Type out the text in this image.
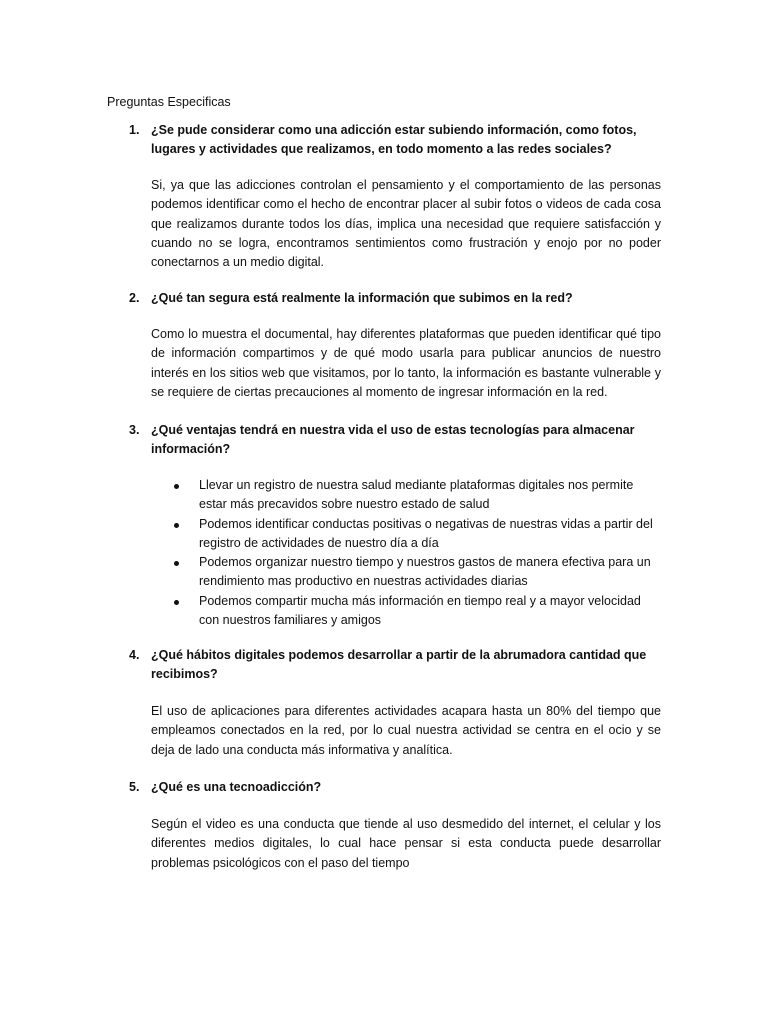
Preguntas Especificas
1. ¿Se pude considerar como una adicción estar subiendo información, como fotos, lugares y actividades que realizamos, en todo momento a las redes sociales?

Si, ya que las adicciones controlan el pensamiento y el comportamiento de las personas podemos identificar como el hecho de encontrar placer al subir fotos o videos de cada cosa que realizamos durante todos los días, implica una necesidad que requiere satisfacción y cuando no se logra, encontramos sentimientos como frustración y enojo por no poder conectarnos a un medio digital.

2. ¿Qué tan segura está realmente la información que subimos en la red?

Como lo muestra el documental, hay diferentes plataformas que pueden identificar qué tipo de información compartimos y de qué modo usarla para publicar anuncios de nuestro interés en los sitios web que visitamos, por lo tanto, la información es bastante vulnerable y se requiere de ciertas precauciones al momento de ingresar información en la red.

3. ¿Qué ventajas tendrá en nuestra vida el uso de estas tecnologías para almacenar información?
Llevar un registro de nuestra salud mediante plataformas digitales nos permite estar más precavidos sobre nuestro estado de salud
Podemos identificar conductas positivas o negativas de nuestras vidas a partir del registro de actividades de nuestro día a día
Podemos organizar nuestro tiempo y nuestros gastos de manera efectiva para un rendimiento mas productivo en nuestras actividades diarias
Podemos compartir mucha más información en tiempo real y a mayor velocidad con nuestros familiares y amigos
4. ¿Qué hábitos digitales podemos desarrollar a partir de la abrumadora cantidad que recibimos?

El uso de aplicaciones para diferentes actividades acapara hasta un 80% del tiempo que empleamos conectados en la red, por lo cual nuestra actividad se centra en el ocio y se deja de lado una conducta más informativa y analítica.

5. ¿Qué es una tecnoadicción?

Según el video es una conducta que tiende al uso desmedido del internet, el celular y los diferentes medios digitales, lo cual hace pensar si esta conducta puede desarrollar problemas psicológicos con el paso del tiempo
